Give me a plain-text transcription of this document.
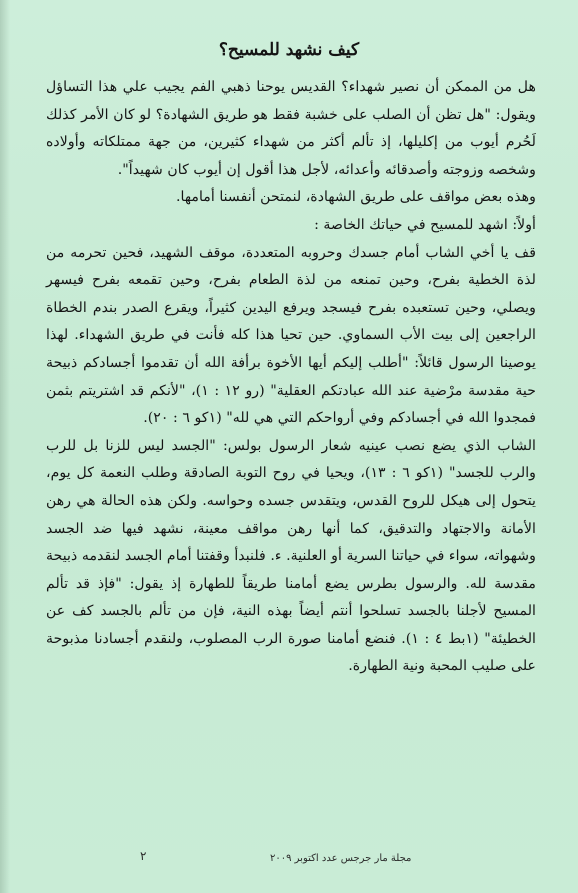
كيف نشهد للمسيح؟

هل من الممكن أن نصير شهداء؟ القديس يوحنا ذهبي الفم يجيب علي هذا التساؤل ويقول: "هل تظن أن الصلب على خشبة فقط هو طريق الشهادة؟ لو كان الأمر كذلك لَحُرم أيوب من إكليلها، إذ تألم أكثر من شهداء كثيرين، من جهة ممتلكاته وأولاده وشخصه وزوجته وأصدقائه وأعدائه، لأجل هذا أقول إن أيوب كان شهيداً".

وهذه بعض مواقف على طريق الشهادة، لنمتحن أنفسنا أمامها.

أولاً: اشهد للمسيح في حياتك الخاصة :

قف يا أخي الشاب أمام جسدك وحروبه المتعددة، موقف الشهيد، فحين تحرمه من لذة الخطية بفرح، وحين تمنعه من لذة الطعام بفرح، وحين تقمعه بفرح فيسهر ويصلي، وحين تستعبده بفرح فيسجد ويرفع اليدين كثيراً، ويقرع الصدر بندم الخطاة الراجعين إلى بيت الأب السماوي. حين تحيا هذا كله فأنت في طريق الشهداء. لهذا يوصينا الرسول قائلاً: "أطلب إليكم أيها الأخوة برأفة الله أن تقدموا أجسادكم ذبيحة حية مقدسة مرْضية عند الله عبادتكم العقلية" (رو ١٢ : ١)، "لأنكم قد اشتريتم بثمن فمجدوا الله في أجسادكم وفي أرواحكم التي هي لله" (١كو ٦ : ٢٠).

الشاب الذي يضع نصب عينيه شعار الرسول بولس: "الجسد ليس للزنا بل للرب والرب للجسد" (١كو ٦ : ١٣)، ويحيا في روح التوبة الصادقة وطلب النعمة كل يوم، يتحول إلى هيكل للروح القدس، ويتقدس جسده وحواسه. ولكن هذه الحالة هي رهن الأمانة والاجتهاد والتدقيق، كما أنها رهن مواقف معينة، نشهد فيها ضد الجسد وشهواته، سواء في حياتنا السرية أو العلنية. ء. فلنبدأ وقفتنا أمام الجسد لنقدمه ذبيحة مقدسة لله. والرسول بطرس يضع أمامنا طريقاً للطهارة إذ يقول: "فإذ قد تألم المسيح لأجلنا بالجسد تسلحوا أنتم أيضاً بهذه النية، فإن من تألم بالجسد كف عن الخطيئة" (١بط ٤ : ١). فنضع أمامنا صورة الرب المصلوب، ولنقدم أجسادنا مذبوحة على صليب المحبة ونية الطهارة.

٢	مجلة مار جرجس عدد اكتوبر ٢٠٠٩
